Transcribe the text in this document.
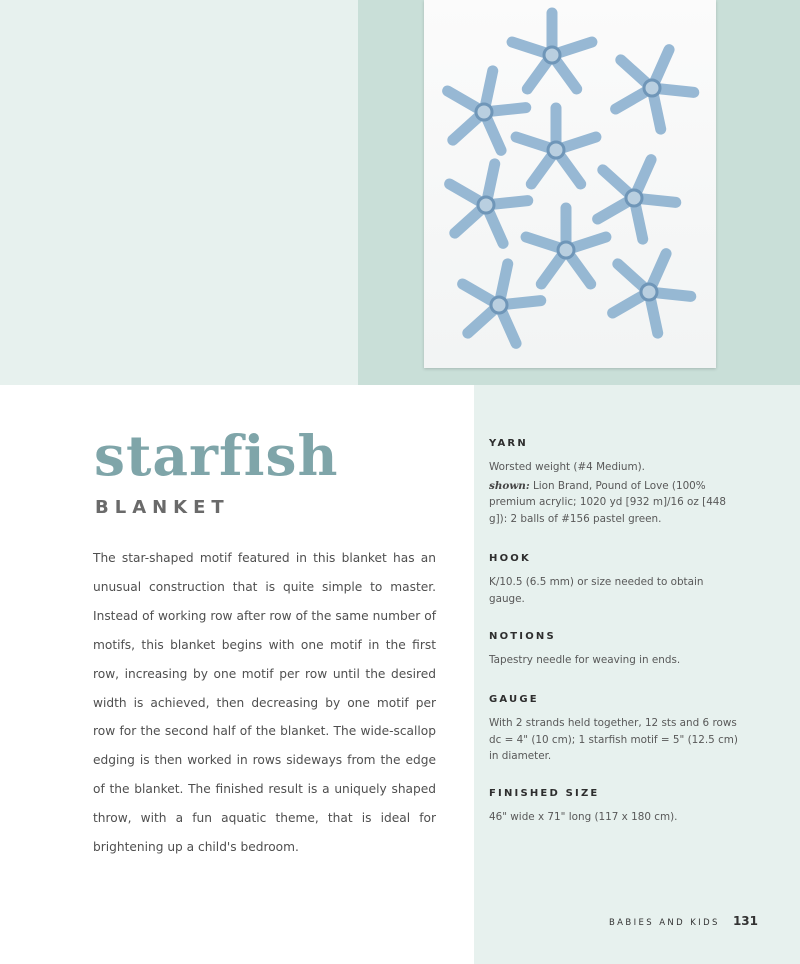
starfish
BLANKET

The star-shaped motif featured in this blanket has an unusual construction that is quite simple to master. Instead of working row after row of the same number of motifs, this blanket begins with one motif in the first row, increasing by one motif per row until the desired width is achieved, then decreasing by one motif per row for the second half of the blanket. The wide-scallop edging is then worked in rows sideways from the edge of the blanket. The finished result is a uniquely shaped throw, with a fun aquatic theme, that is ideal for brightening up a child's bedroom.

YARN

Worsted weight (#4 Medium).

shown: Lion Brand, Pound of Love (100% premium acrylic; 1020 yd [932 m]/16 oz [448 g]): 2 balls of #156 pastel green.

HOOK

K/10.5 (6.5 mm) or size needed to obtain gauge.

NOTIONS

Tapestry needle for weaving in ends.

GAUGE

With 2 strands held together, 12 sts and 6 rows dc = 4" (10 cm); 1 starfish motif = 5" (12.5 cm) in diameter.

FINISHED SIZE

46" wide x 71" long (117 x 180 cm).

BABIES AND KIDS 131
